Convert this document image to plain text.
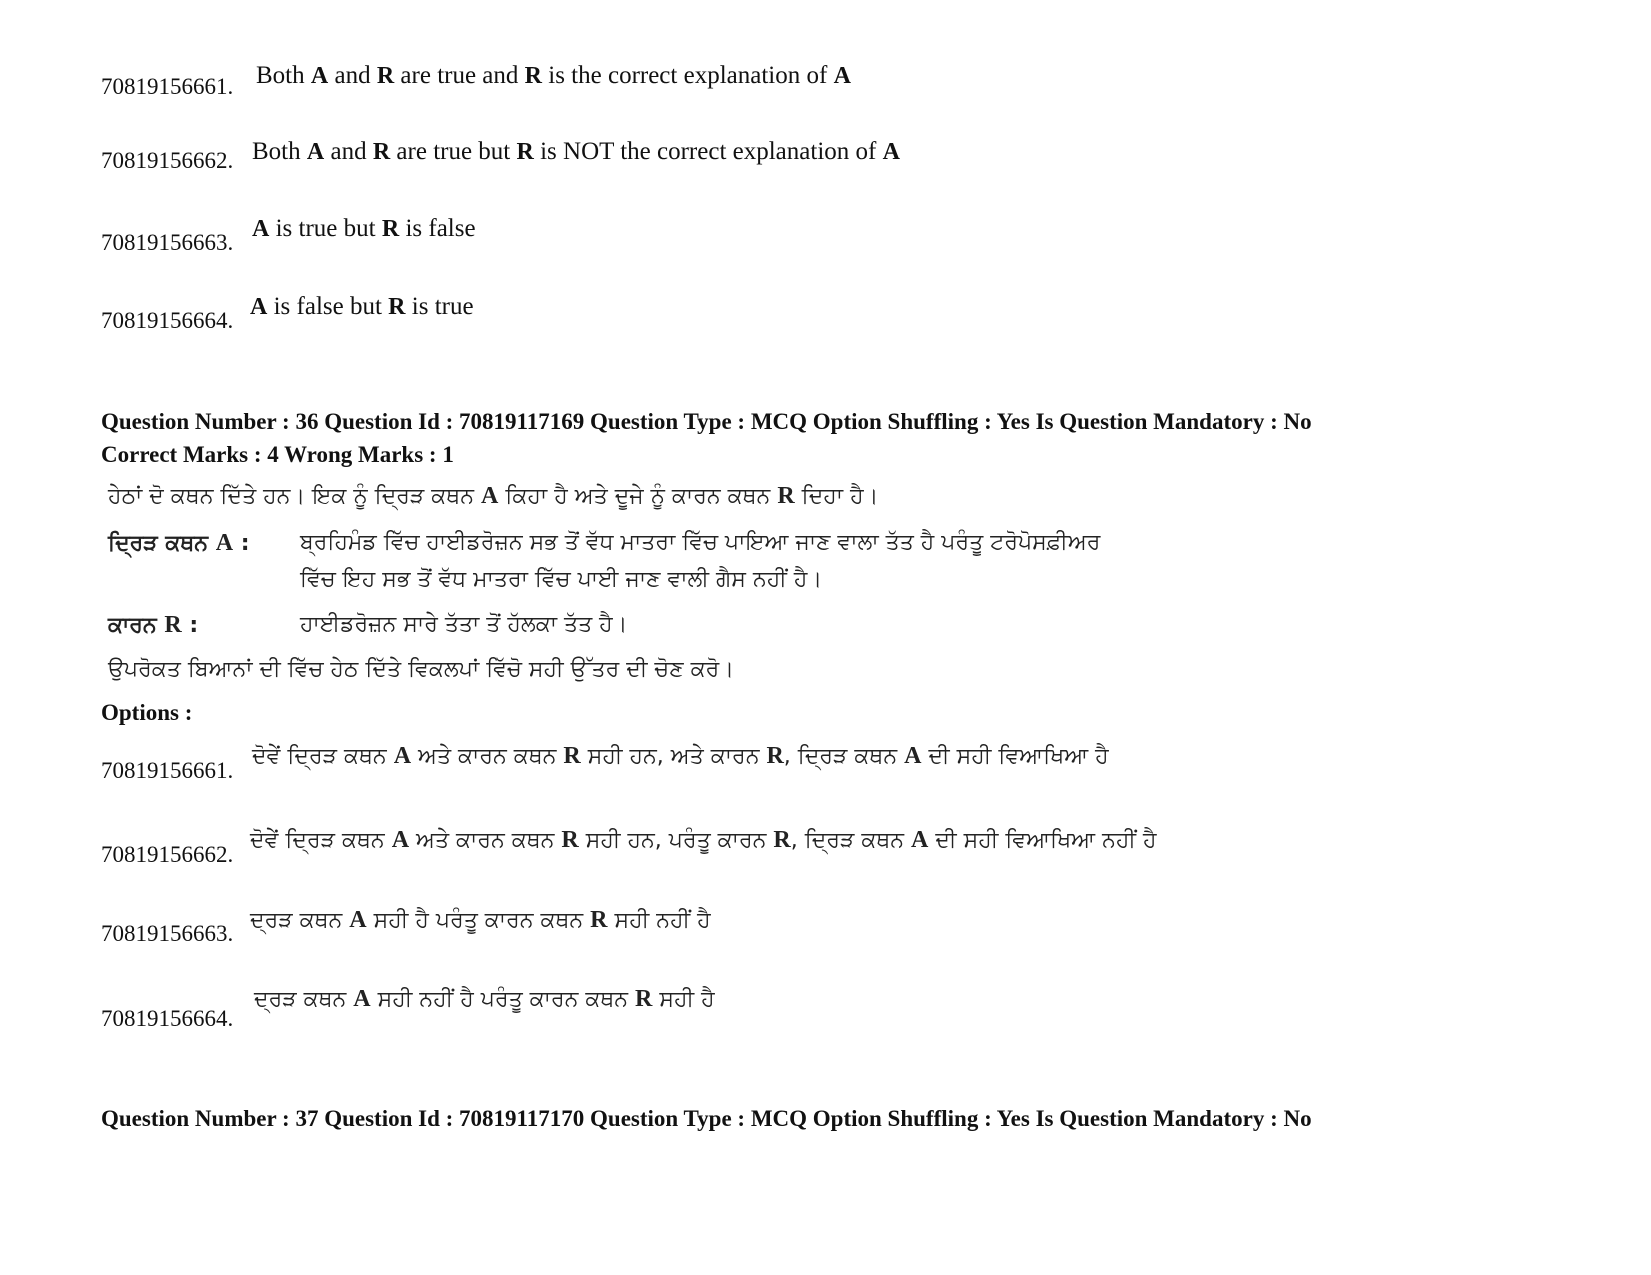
70819156661. Both A and R are true and R is the correct explanation of A
70819156662. Both A and R are true but R is NOT the correct explanation of A
70819156663.
A is true but R is false
70819156664.
A is false but R is true
Question Number : 36 Question Id : 70819117169 Question Type : MCQ Option Shuffling : Yes Is Question Mandatory : No
Correct Marks : 4 Wrong Marks : 1
ਹੇਠਾਂ ਦੋ ਕਥਨ ਦਿੱਤੇ ਹਨ। ਇਕ ਨੂੰ ਦ੍ਰਿੜ ਕਥਨ A ਕਿਹਾ ਹੈ ਅਤੇ ਦੂਜੇ ਨੂੰ ਕਾਰਨ ਕਥਨ R ਦਿਹਾ ਹੈ।
ਦ੍ਰਿੜ ਕਥਨ A : ਬ੍ਰਹਿਮੰਡ ਵਿੱਚ ਹਾਈਡਰੋਜ਼ਨ ਸਭ ਤੋਂ ਵੱਧ ਮਾਤਰਾ ਵਿੱਚ ਪਾਇਆ ਜਾਣ ਵਾਲਾ ਤੱਤ ਹੈ ਪਰੰਤੂ ਟਰੋਪੋਸਫ਼ੀਅਰ
ਵਿੱਚ ਇਹ ਸਭ ਤੋਂ ਵੱਧ ਮਾਤਰਾ ਵਿੱਚ ਪਾਈ ਜਾਣ ਵਾਲੀ ਗੈਸ ਨਹੀਂ ਹੈ।
ਕਾਰਨ R :	ਹਾਈਡਰੋਜ਼ਨ ਸਾਰੇ ਤੱਤਾ ਤੋਂ ਹੱਲਕਾ ਤੱਤ ਹੈ।
ਉਪਰੋਕਤ ਬਿਆਨਾਂ ਦੀ ਵਿੱਚ ਹੇਠ ਦਿੱਤੇ ਵਿਕਲਪਾਂ ਵਿੱਚੋ ਸਹੀ ਉੱਤਰ ਦੀ ਚੋਣ ਕਰੋ।
Options :
70819156661.
ਦੋਵੇਂ ਦ੍ਰਿੜ ਕਥਨ A ਅਤੇ ਕਾਰਨ ਕਥਨ R ਸਹੀ ਹਨ, ਅਤੇ ਕਾਰਨ R, ਦ੍ਰਿੜ ਕਥਨ A ਦੀ ਸਹੀ ਵਿਆਖਿਆ ਹੈ
70819156662.
ਦੋਵੇਂ ਦ੍ਰਿੜ ਕਥਨ A ਅਤੇ ਕਾਰਨ ਕਥਨ R ਸਹੀ ਹਨ, ਪਰੰਤੂ ਕਾਰਨ R, ਦ੍ਰਿੜ ਕਥਨ A ਦੀ ਸਹੀ ਵਿਆਖਿਆ ਨਹੀਂ ਹੈ
70819156663.
ਦ੍ਰੜ ਕਥਨ A ਸਹੀ ਹੈ ਪਰੰਤੂ ਕਾਰਨ ਕਥਨ R ਸਹੀ ਨਹੀਂ ਹੈ
70819156664.
ਦ੍ਰੜ ਕਥਨ A ਸਹੀ ਨਹੀਂ ਹੈ ਪਰੰਤੂ ਕਾਰਨ ਕਥਨ R ਸਹੀ ਹੈ
Question Number : 37 Question Id : 70819117170 Question Type : MCQ Option Shuffling : Yes Is Question Mandatory : No
